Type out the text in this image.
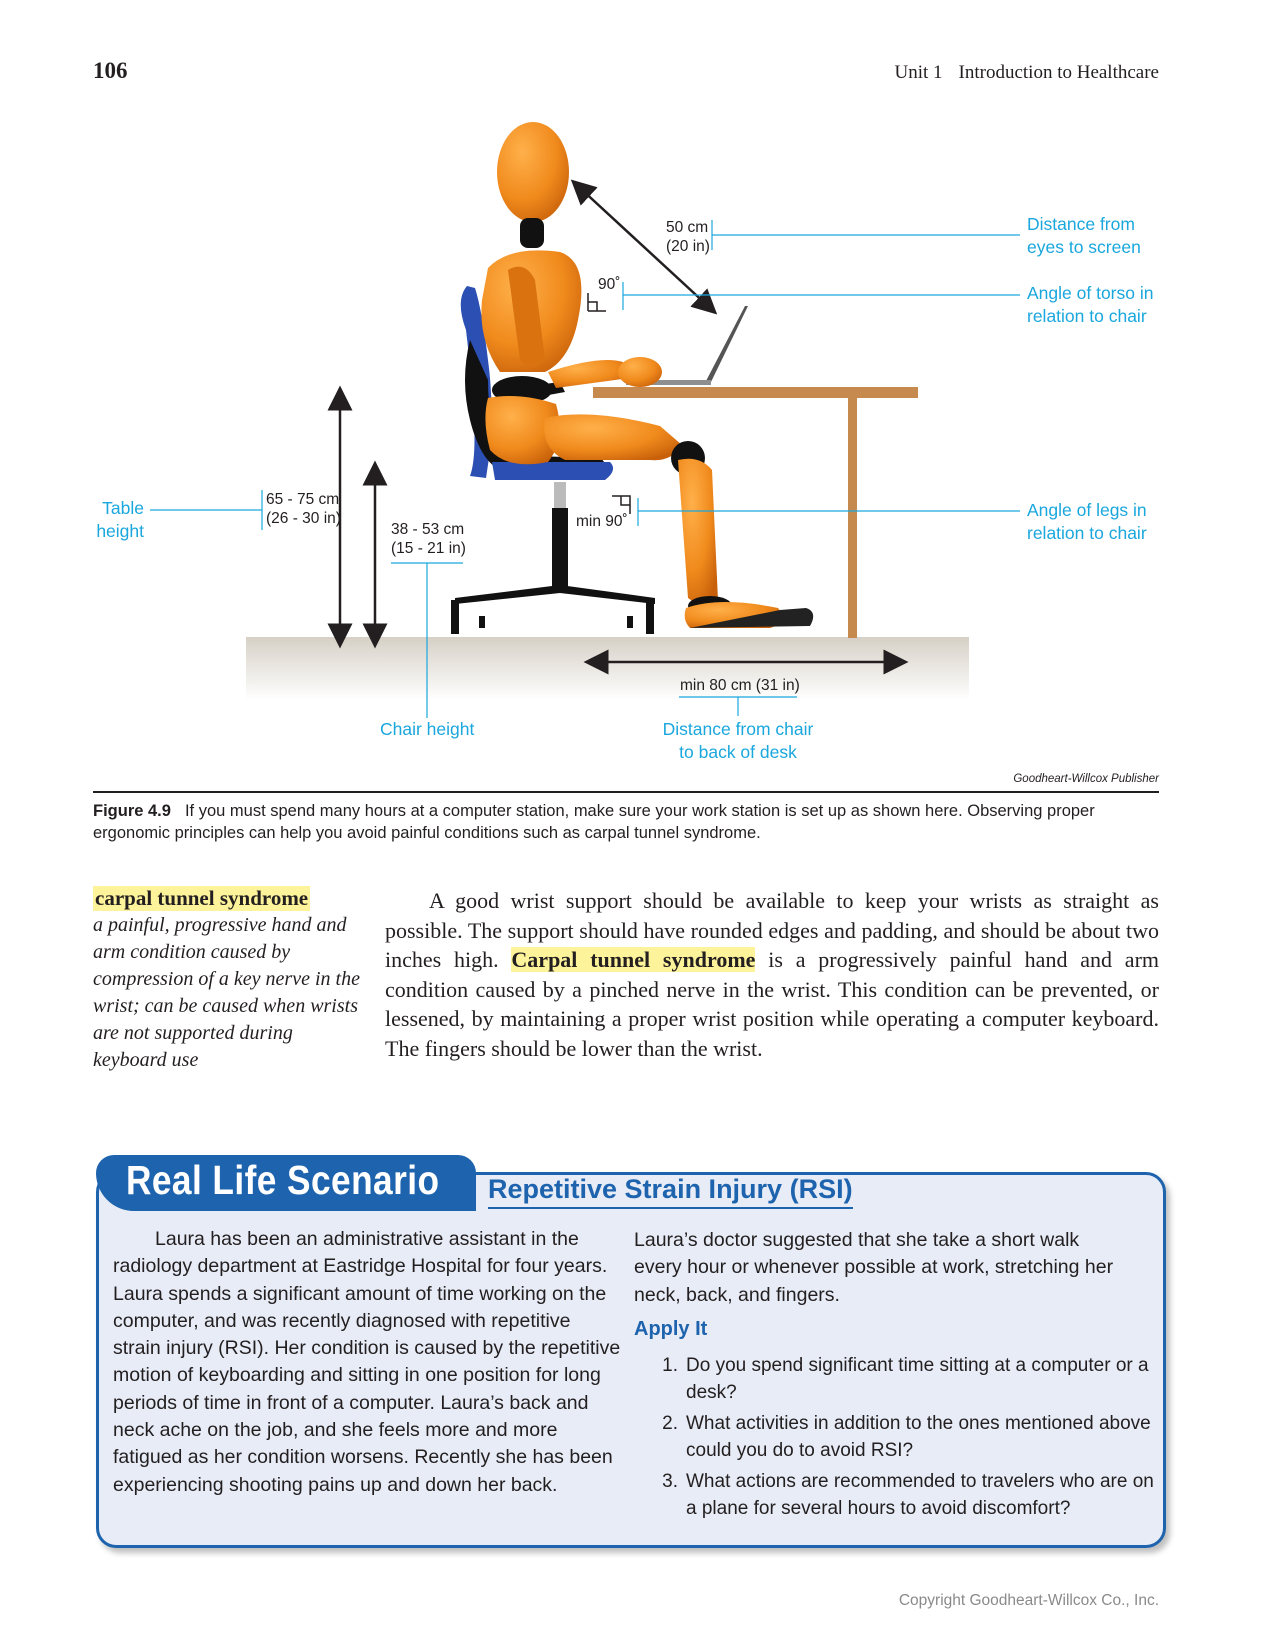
106	Unit 1 Introduction to Healthcare
Table
height
65 - 75 cm
(26 - 30 in)
38 - 53 cm
(15 - 21 in)
Chair height
50 cm
(20 in)
Distance from
eyes to screen
90˚	Angle of torso in
relation to chair
min 90˚
Angle of legs in
relation to chair
min 80 cm (31 in)
Distance from chair
to back of desk
Goodheart-Willcox Publisher
Figure 4.9 If you must spend many hours at a computer station, make sure your work station is set up as shown here. Observing proper ergonomic principles can help you avoid painful conditions such as carpal tunnel syndrome.
carpal tunnel syndrome
a painful, progressive hand and arm condition caused by compression of a key nerve in the wrist; can be caused when wrists are not supported during keyboard use
A good wrist support should be available to keep your wrists as straight as possible. The support should have rounded edges and padding, and should be about two inches high. Carpal tunnel syndrome is a progressively painful hand and arm condition caused by a pinched nerve in the wrist. This condition can be prevented, or lessened, by maintaining a proper wrist position while operating a computer keyboard. The fingers should be lower than the wrist.
Real Life Scenario Repetitive Strain Injury (RSI)
Laura has been an administrative assistant in the radiology department at Eastridge Hospital for four years. Laura spends a significant amount of time working on the computer, and was recently diagnosed with repetitive strain injury (RSI). Her condition is caused by the repetitive motion of keyboarding and sitting in one position for long periods of time in front of a computer. Laura’s back and neck ache on the job, and she feels more and more fatigued as her condition worsens. Recently she has been experiencing shooting pains up and down her back.
Laura’s doctor suggested that she take a short walk every hour or whenever possible at work, stretching her neck, back, and fingers.
Apply It
1. Do you spend significant time sitting at a computer or a desk?
2. What activities in addition to the ones mentioned above could you do to avoid RSI?
3. What actions are recommended to travelers who are on a plane for several hours to avoid discomfort?
Copyright Goodheart-Willcox Co., Inc.
